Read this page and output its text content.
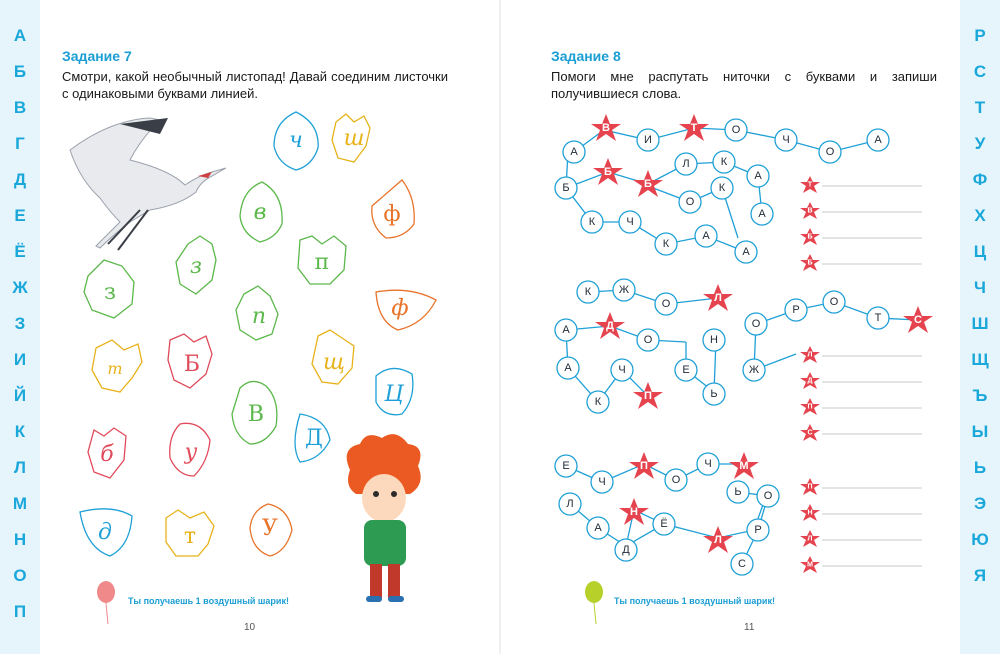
А
Б
В
Г
Д
Е
Ё
Ж
З
И
Й
К
Л
М
Н
О
П
Р
С
Т
У
Ф
Х
Ц
Ч
Ш
Щ
Ъ
Ы
Ь
Э
Ю
Я
Задание 7
Смотри, какой необычный листопад! Давай соединим листочки с одинаковыми буквами линией.
Задание 8
Помоги мне распутать ниточки с буквами и запиши получившиеся слова.
И	Ч
О
А
А
Л	К
А
Б
О
К
А
К	Ч
А
А
К
О
В	Т
Б
Б
К	Ж
О
О
Р
О
Т
А
О	Н
А	Ч	Е	Ж
К
Ь
Л
С
Д
П
Е
Ч	О
Ч
Л
О
Ь
А	Ё	Р
Д
С
П	М
Н
Л
Т
В
Б
Б
Л
Д
П
С
П
Н
Л
М
ч ш
в	ф
з	п
з
п	ф
т	Б	щ
Ц
В
б	у
Д
д	т	У
Ты получаешь 1 воздушный шарик!	Ты получаешь 1 воздушный шарик!
10	11
